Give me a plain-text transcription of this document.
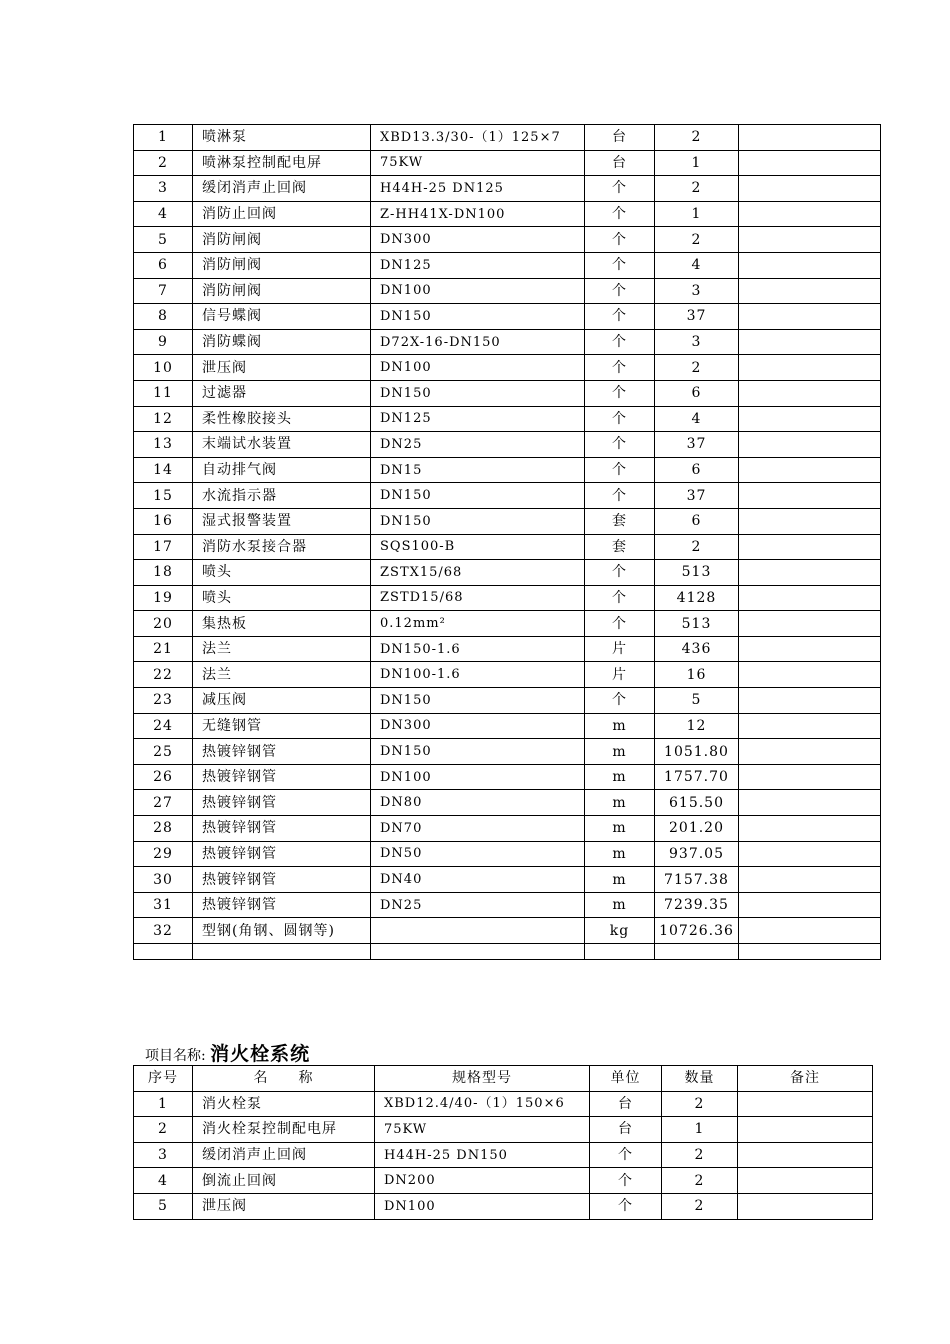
1	喷淋泵	XBD13.3/30-（1）125×7	台	2	
2	喷淋泵控制配电屏	75KW	台	1	
3	缓闭消声止回阀	H44H-25 DN125	个	2	
4	消防止回阀	Z-HH41X-DN100	个	1	
5	消防闸阀	DN300	个	2	
6	消防闸阀	DN125	个	4	
7	消防闸阀	DN100	个	3	
8	信号蝶阀	DN150	个	37	
9	消防蝶阀	D72X-16-DN150	个	3	
10	泄压阀	DN100	个	2	
11	过滤器	DN150	个	6	
12	柔性橡胶接头	DN125	个	4	
13	末端试水装置	DN25	个	37	
14	自动排气阀	DN15	个	6	
15	水流指示器	DN150	个	37	
16	湿式报警装置	DN150	套	6	
17	消防水泵接合器	SQS100-B	套	2	
18	喷头	ZSTX15/68	个	513	
19	喷头	ZSTD15/68	个	4128	
20	集热板	0.12mm²	个	513	
21	法兰	DN150-1.6	片	436	
22	法兰	DN100-1.6	片	16	
23	减压阀	DN150	个	5	
24	无缝钢管	DN300	m	12	
25	热镀锌钢管	DN150	m	1051.80	
26	热镀锌钢管	DN100	m	1757.70	
27	热镀锌钢管	DN80	m	615.50	
28	热镀锌钢管	DN70	m	201.20	
29	热镀锌钢管	DN50	m	937.05	
30	热镀锌钢管	DN40	m	7157.38	
31	热镀锌钢管	DN25	m	7239.35	
32	型钢(角钢、圆钢等)		kg	10726.36	

项目名称: 消火栓系统
序号	名　　称	规格型号	单位	数量	备注
1	消火栓泵	XBD12.4/40-（1）150×6	台	2	
2	消火栓泵控制配电屏	75KW	台	1	
3	缓闭消声止回阀	H44H-25 DN150	个	2	
4	倒流止回阀	DN200	个	2	
5	泄压阀	DN100	个	2	
